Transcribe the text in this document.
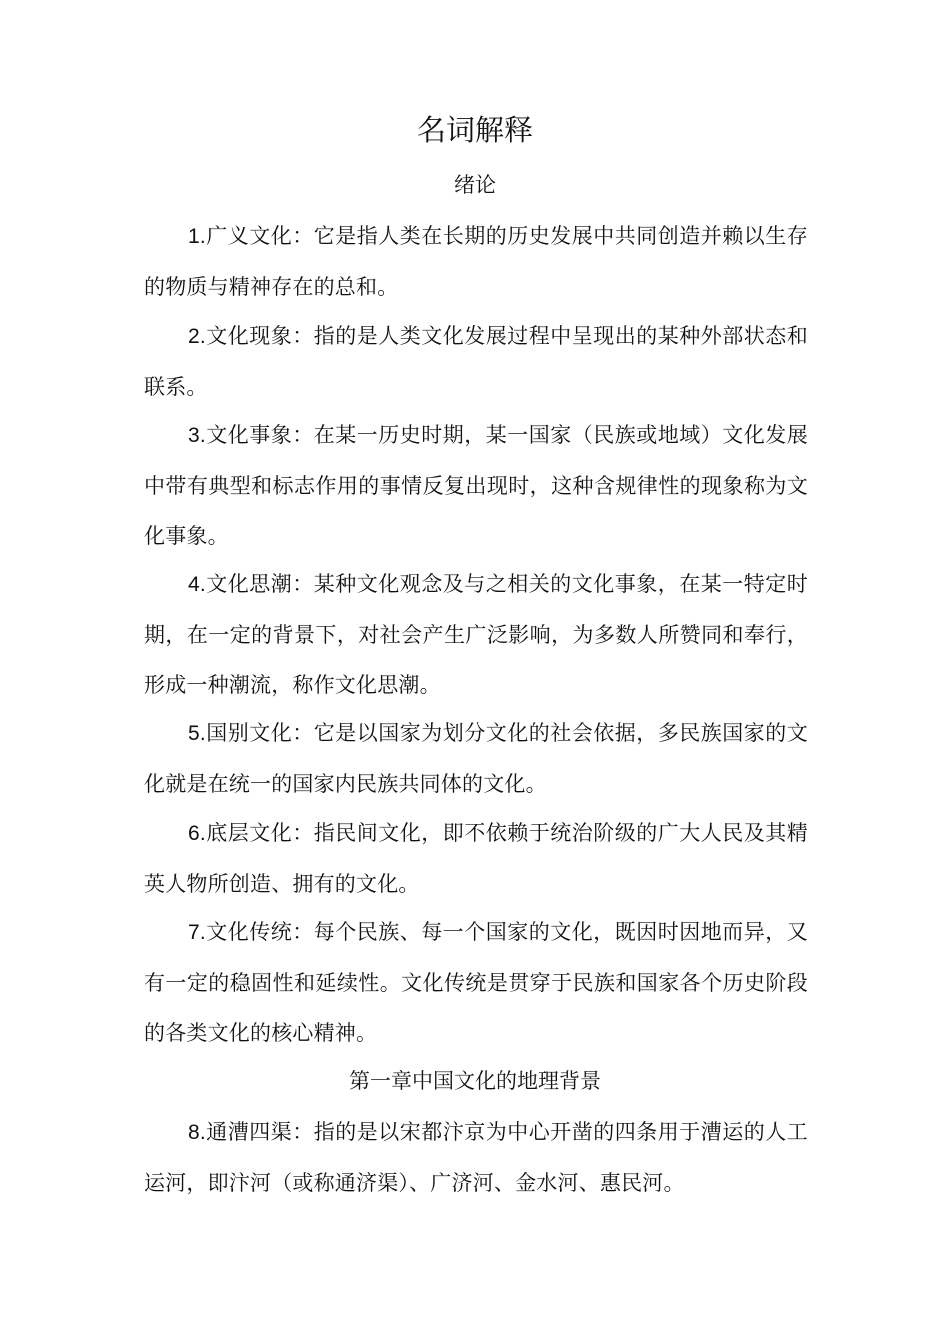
名词解释
绪论

1.广义文化：它是指人类在长期的历史发展中共同创造并赖以生存的物质与精神存在的总和。

2.文化现象：指的是人类文化发展过程中呈现出的某种外部状态和联系。

3.文化事象：在某一历史时期，某一国家（民族或地域）文化发展中带有典型和标志作用的事情反复出现时，这种含规律性的现象称为文化事象。

4.文化思潮：某种文化观念及与之相关的文化事象，在某一特定时期，在一定的背景下，对社会产生广泛影响，为多数人所赞同和奉行，形成一种潮流，称作文化思潮。

5.国别文化：它是以国家为划分文化的社会依据，多民族国家的文化就是在统一的国家内民族共同体的文化。

6.底层文化：指民间文化，即不依赖于统治阶级的广大人民及其精英人物所创造、拥有的文化。

7.文化传统：每个民族、每一个国家的文化，既因时因地而异，又有一定的稳固性和延续性。文化传统是贯穿于民族和国家各个历史阶段的各类文化的核心精神。

第一章中国文化的地理背景

8.通漕四渠：指的是以宋都汴京为中心开凿的四条用于漕运的人工运河，即汴河（或称通济渠）、广济河、金水河、惠民河。
